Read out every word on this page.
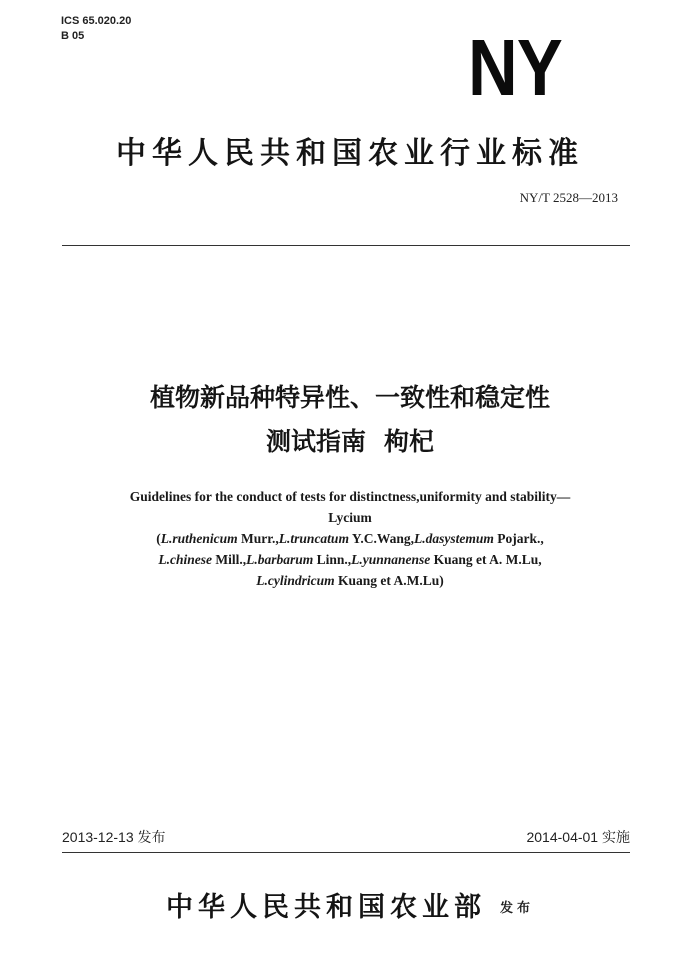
ICS 65.020.20
B 05	NY
中华人民共和国农业行业标准
NY/T 2528—2013
植物新品种特异性、一致性和稳定性
测试指南 枸杞
Guidelines for the conduct of tests for distinctness,uniformity and stability—
Lycium
(L.ruthenicum Murr.,L.truncatum Y.C.Wang,L.dasystemum Pojark.,
L.chinese Mill.,L.barbarum Linn.,L.yunnanense Kuang et A. M.Lu,
L.cylindricum Kuang et A.M.Lu)
2013-12-13 发布	2014-04-01 实施
中华人民共和国农业部 $^{发布}$
